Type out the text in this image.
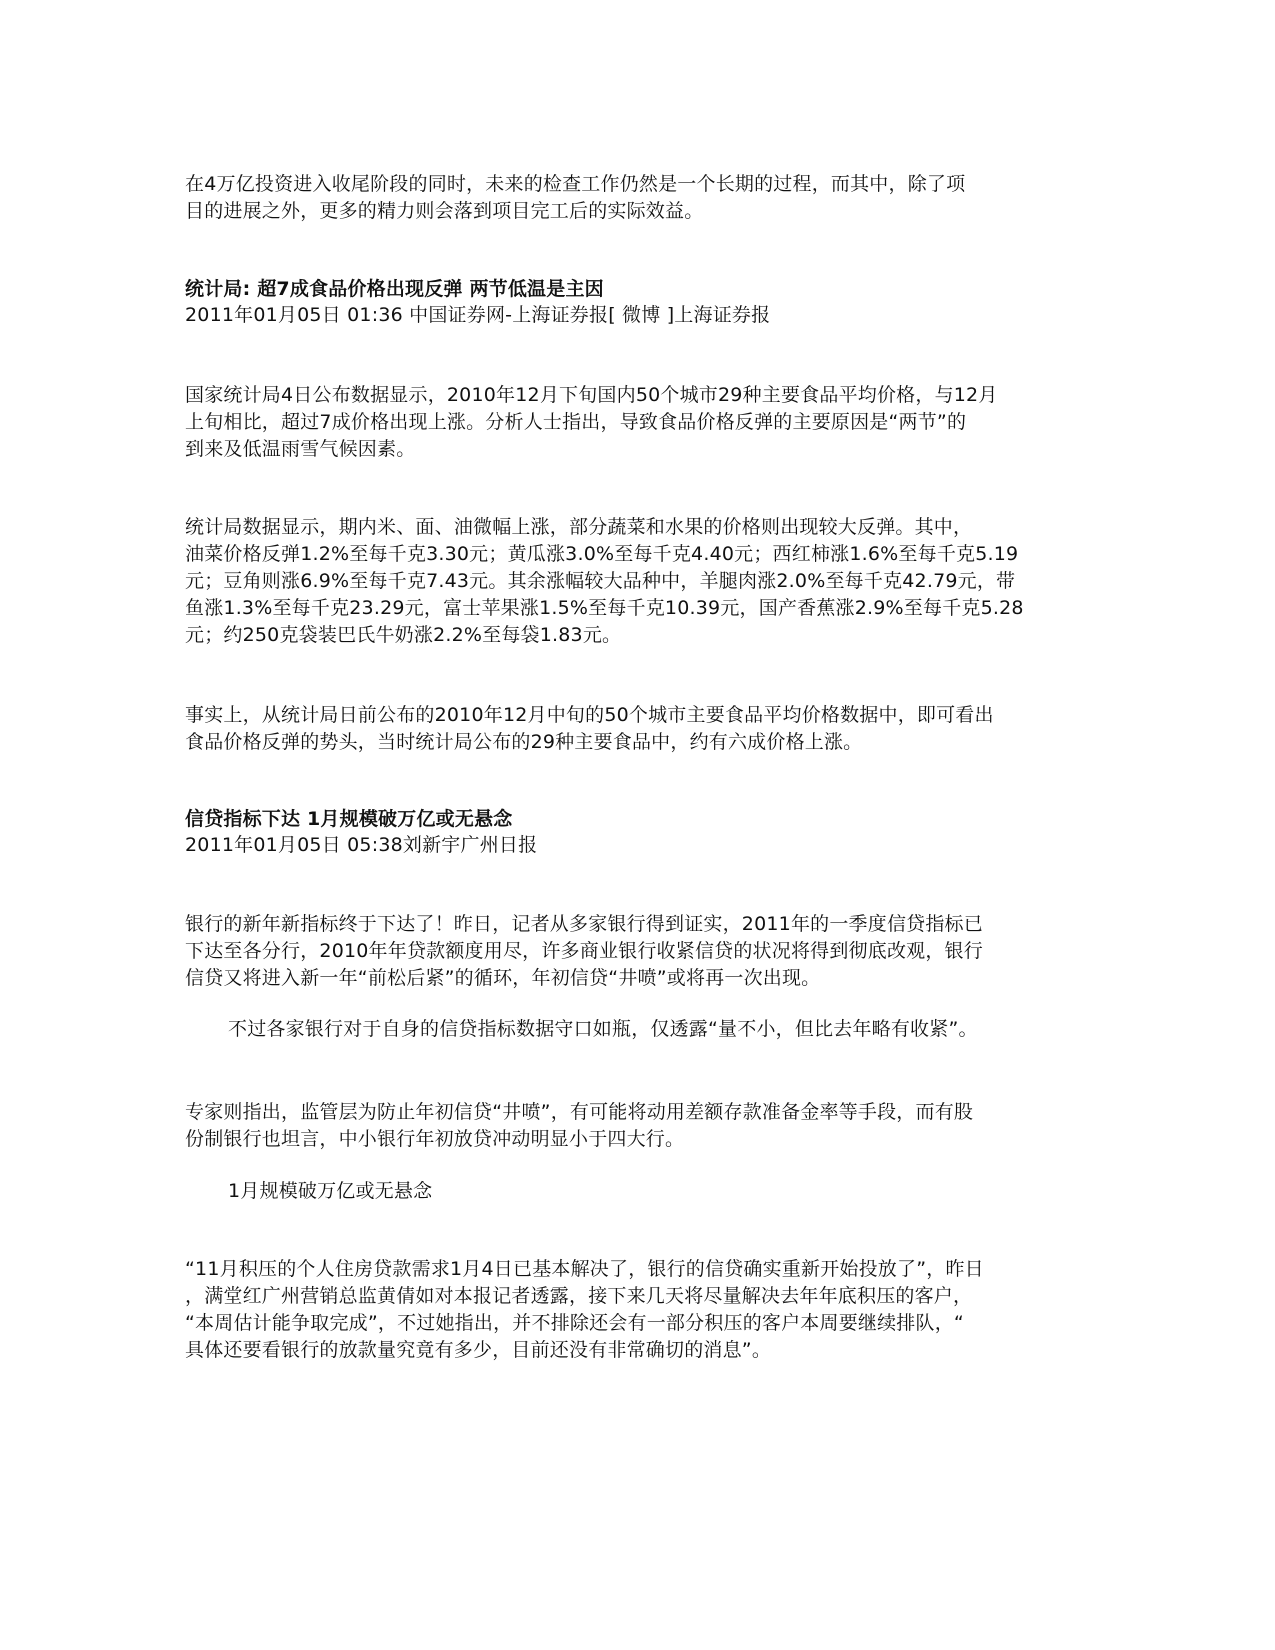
在4万亿投资进入收尾阶段的同时，未来的检查工作仍然是一个长期的过程，而其中，除了项
目的进展之外，更多的精力则会落到项目完工后的实际效益。

统计局: 超7成食品价格出现反弹 两节低温是主因

2011年01月05日 01:36 中国证券网-上海证券报[ 微博 ]上海证券报

国家统计局4日公布数据显示，2010年12月下旬国内50个城市29种主要食品平均价格，与12月
上旬相比，超过7成价格出现上涨。分析人士指出，导致食品价格反弹的主要原因是“两节”的
到来及低温雨雪气候因素。

统计局数据显示，期内米、面、油微幅上涨，部分蔬菜和水果的价格则出现较大反弹。其中，
油菜价格反弹1.2%至每千克3.30元；黄瓜涨3.0%至每千克4.40元；西红柿涨1.6%至每千克5.19
元；豆角则涨6.9%至每千克7.43元。其余涨幅较大品种中，羊腿肉涨2.0%至每千克42.79元，带
鱼涨1.3%至每千克23.29元，富士苹果涨1.5%至每千克10.39元，国产香蕉涨2.9%至每千克5.28
元；约250克袋装巴氏牛奶涨2.2%至每袋1.83元。

事实上，从统计局日前公布的2010年12月中旬的50个城市主要食品平均价格数据中，即可看出
食品价格反弹的势头，当时统计局公布的29种主要食品中，约有六成价格上涨。

信贷指标下达 1月规模破万亿或无悬念

2011年01月05日 05:38刘新宇广州日报

银行的新年新指标终于下达了！昨日，记者从多家银行得到证实，2011年的一季度信贷指标已
下达至各分行，2010年年贷款额度用尽，许多商业银行收紧信贷的状况将得到彻底改观，银行
信贷又将进入新一年“前松后紧”的循环，年初信贷“井喷”或将再一次出现。

不过各家银行对于自身的信贷指标数据守口如瓶，仅透露“量不小，但比去年略有收紧”。

专家则指出，监管层为防止年初信贷“井喷”，有可能将动用差额存款准备金率等手段，而有股
份制银行也坦言，中小银行年初放贷冲动明显小于四大行。

1月规模破万亿或无悬念

“11月积压的个人住房贷款需求1月4日已基本解决了，银行的信贷确实重新开始投放了”，昨日
，满堂红广州营销总监黄倩如对本报记者透露，接下来几天将尽量解决去年年底积压的客户，
“本周估计能争取完成”，不过她指出，并不排除还会有一部分积压的客户本周要继续排队，“
具体还要看银行的放款量究竟有多少，目前还没有非常确切的消息”。
